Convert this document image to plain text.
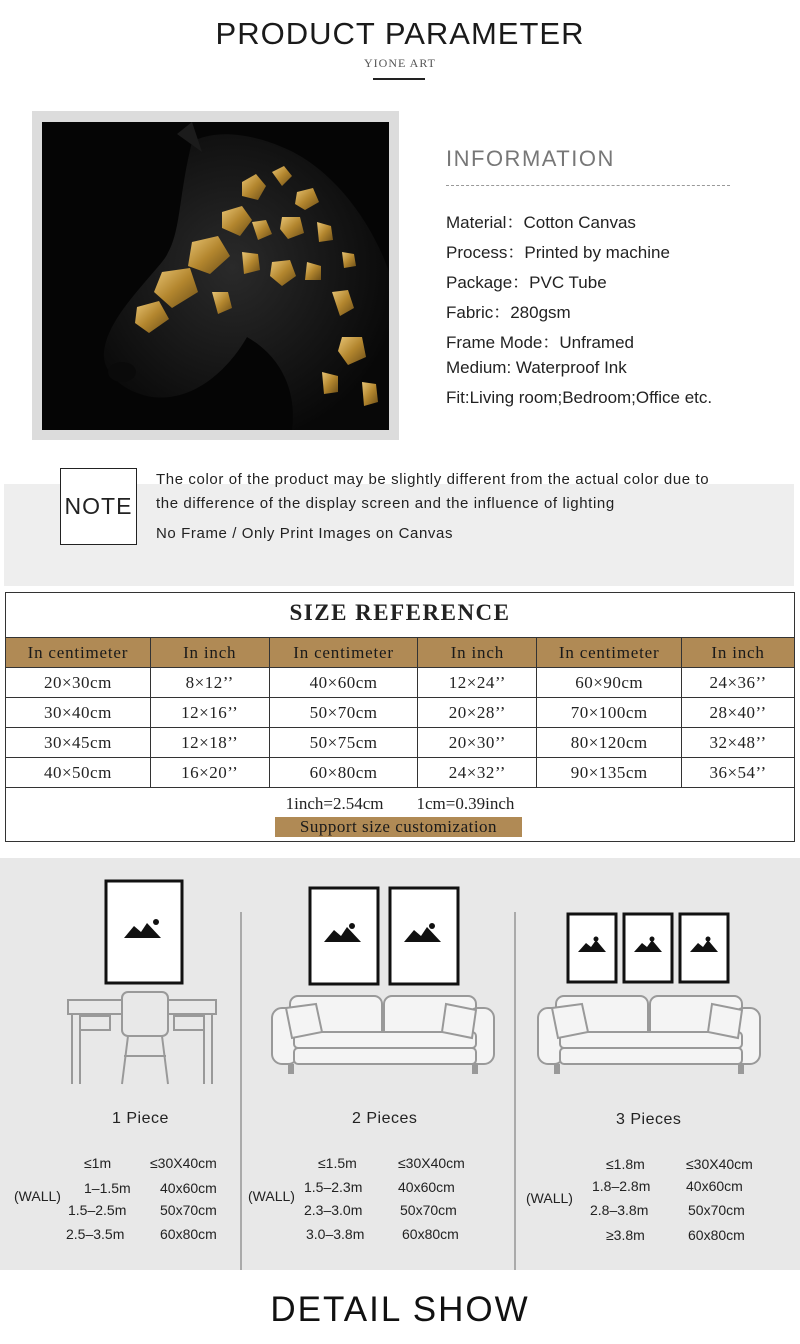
PRODUCT PARAMETER
YIONE ART
INFORMATION
Material：Cotton Canvas
Process：Printed by machine
Package：PVC Tube
Fabric：280gsm
Frame Mode：Unframed
Medium: Waterproof Ink
Fit:Living room;Bedroom;Office etc.
NOTE
The color of the product may be slightly different from the actual color due to
the difference of the display screen and the influence of lighting
No Frame / Only Print Images on Canvas
SIZE REFERENCE
In centimeter	In inch	In centimeter	In inch	In centimeter	In inch
20×30cm	8×12’’	40×60cm	12×24’’	60×90cm	24×36’’
30×40cm	12×16’’	50×70cm	20×28’’	70×100cm	28×40’’
30×45cm	12×18’’	50×75cm	20×30’’	80×120cm	32×48’’
40×50cm	16×20’’	60×80cm	24×32’’	90×135cm	36×54’’
1inch=2.54cm    1cm=0.39inch
Support size customization
1 Piece	2 Pieces	3 Pieces
(WALL)
≤1m	≤30X40cm
1–1.5m 40x60cm
1.5–2.5m 50x70cm
2.5–3.5m	60x80cm
(WALL)
≤1.5m	≤30X40cm
1.5–2.3m	40x60cm
2.3–3.0m	50x70cm
3.0–3.8m	60x80cm
(WALL)
≤1.8m	≤30X40cm
1.8–2.8m	40x60cm
2.8–3.8m	50x70cm
≥3.8m	60x80cm
DETAIL SHOW
